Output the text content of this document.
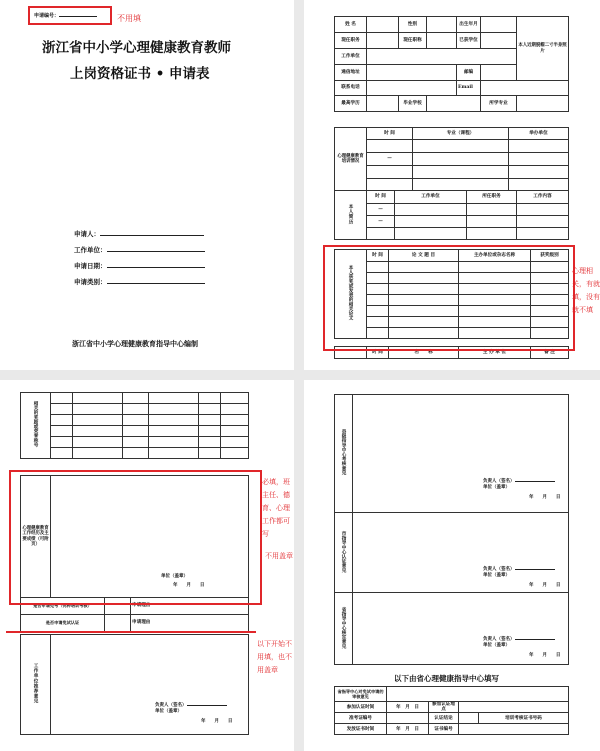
申请编号：	不用填
浙江省中小学心理健康教育教师
上岗资格证书 • 申请表
申请人：
工作单位：
申请日期：
申请类别：
浙江省中小学心理健康教育指导中心编制
姓 名		性别		出生年月		本人近期脱帽二寸半身照片
现任职务		现任职称		已获学位		
工作单位						
通信地址				邮编		
联系电话				Email		
最高学历		毕业学校			所学专业	
心理健康教育培训情况	时 间	专业（课程）	举办单位

	—		

本人简历	时 间	工作单位	所任职务	工作内容
	—			
	—			

本人获奖或发表的相关论文	时 间	论 文 题 目	主办单位或杂志名称	获奖级别

	时 间	名　　称	主 办 单 位	备 注
心理相关，有就填，没有就不填
相关的奖励或荣誉称号						

心理健康教育工作经历及主要成绩（可附页）	
单位（盖章）
年　　月　　日
是否申请免考（何种培训考核）		申请理由
是否申请免试认证		申请理由
工作单位推荐意见	
负责人（签名）
单位（盖章）
年　　月　　日
必填，班主任、德育、心理工作都可写
不用盖章
以下开始不用填，也不用盖章
县级指导中心考核意见	负责人（签名）
单位（盖章）
年　　月　　日

市指导中心认证意见	负责人（签名）
单位（盖章）
年　　月　　日

省指导中心核定意见	负责人（签名）
单位（盖章）
年　　月　　日
以下由省心理健康指导中心填写
省指导中心对免试申请的审核意见				
参加认证时间	年　月　日	参加认证地点		
准考证编号		认证结论		培训考核证书号码
发放证书时间	年　月　日	证书编号		
